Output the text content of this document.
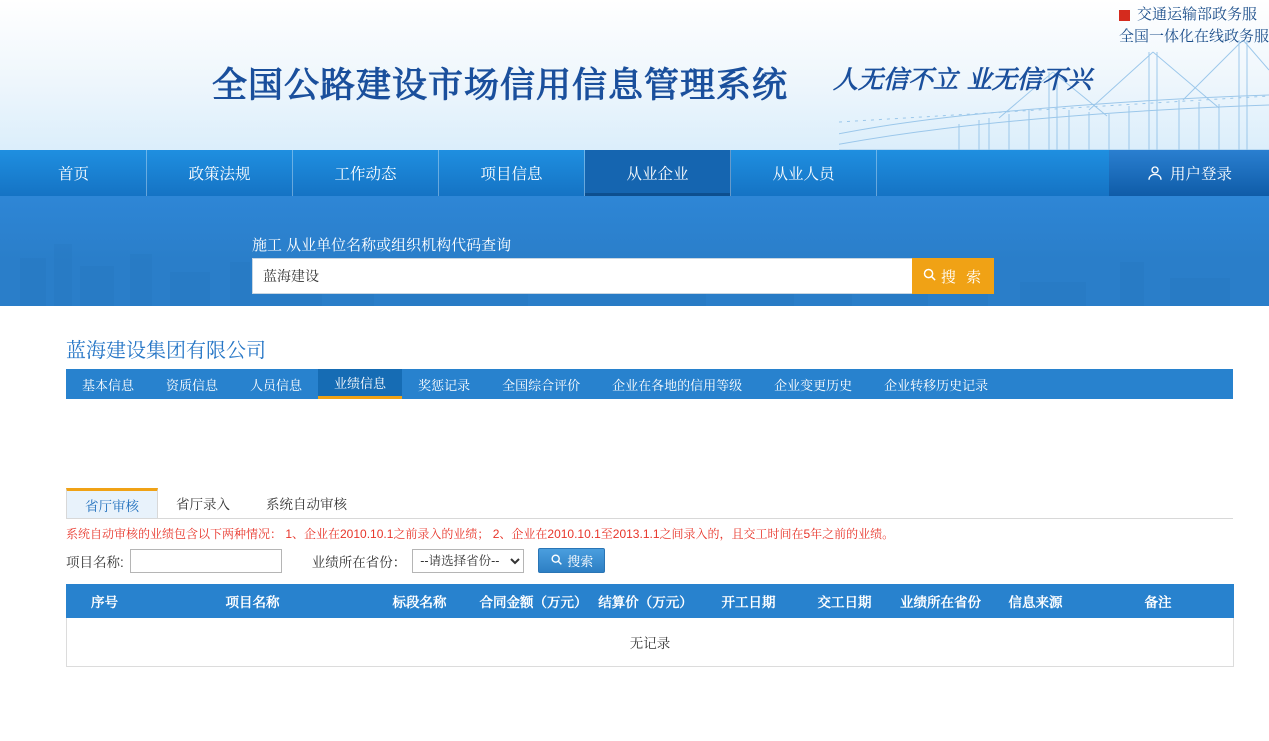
交通运输部政务服
全国一体化在线政务服
全国公路建设市场信用信息管理系统 人无信不立 业无信不兴
首页	政策法规	工作动态	项目信息	从业企业	从业人员	用户登录
施工 从业单位名称或组织机构代码查询
蓝海建设
搜 索
蓝海建设集团有限公司
基本信息	资质信息	人员信息	业绩信息	奖惩记录	全国综合评价	企业在各地的信用等级	企业变更历史	企业转移历史记录
省厅审核	省厅录入	系统自动审核
系统自动审核的业绩包含以下两种情况： 1、企业在2010.10.1之前录入的业绩； 2、企业在2010.10.1至2013.1.1之间录入的，且交工时间在5年之前的业绩。
项目名称:	业绩所在省份：
--请选择省份--	搜索
序号	项目名称	标段名称	合同金额（万元）	结算价（万元）	开工日期	交工日期	业绩所在省份	信息来源	备注
无记录
